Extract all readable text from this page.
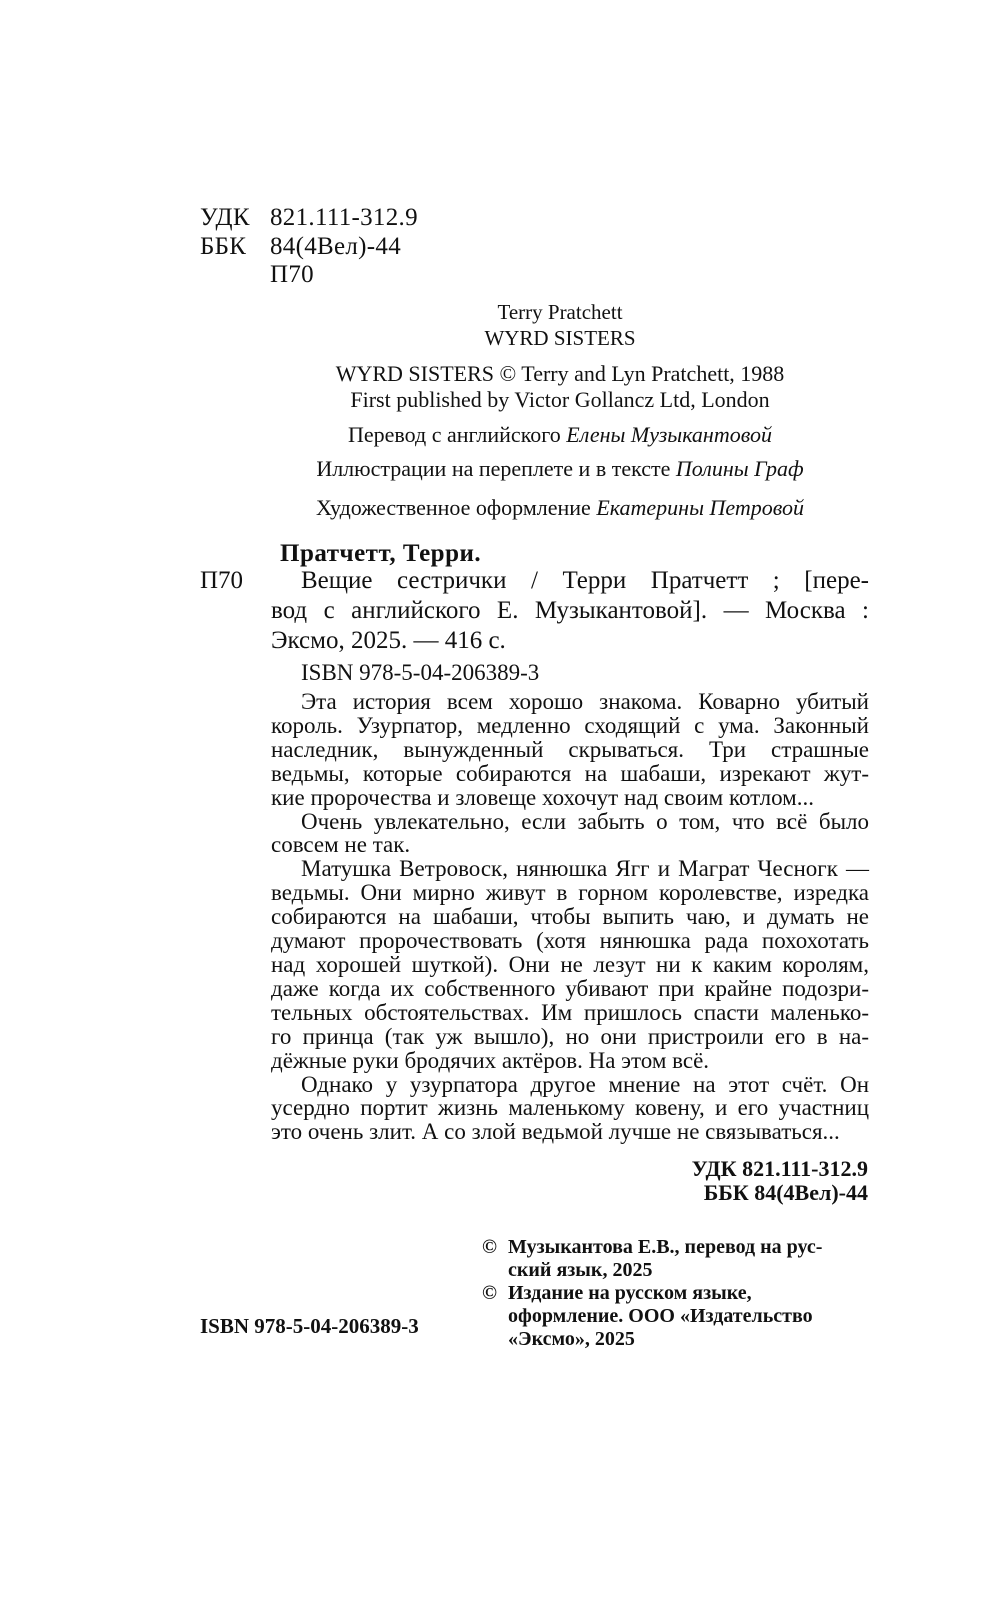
УДК 821.111-312.9
ББК 84(4Вел)-44
П70
Terry Pratchett
WYRD SISTERS
WYRD SISTERS © Terry and Lyn Pratchett, 1988
First published by Victor Gollancz Ltd, London
Перевод с английского Елены Музыкантовой
Иллюстрации на переплете и в тексте Полины Граф
Художественное оформление Екатерины Петровой
Пратчетт, Терри.
П70	Вещие сестрички / Терри Пратчетт ; [пере-
вод с английского Е. Музыкантовой]. — Москва :
Эксмо, 2025. — 416 с.
ISBN 978-5-04-206389-3
Эта история всем хорошо знакома. Коварно убитый
король. Узурпатор, медленно сходящий с ума. Законный
наследник, вынужденный скрываться. Три страшные
ведьмы, которые собираются на шабаши, изрекают жут-
кие пророчества и зловеще хохочут над своим котлом...
Очень увлекательно, если забыть о том, что всё было
совсем не так.
Матушка Ветровоск, нянюшка Ягг и Маграт Чесногк —
ведьмы. Они мирно живут в горном королевстве, изредка
собираются на шабаши, чтобы выпить чаю, и думать не
думают пророчествовать (хотя нянюшка рада похохотать
над хорошей шуткой). Они не лезут ни к каким королям,
даже когда их собственного убивают при крайне подозри-
тельных обстоятельствах. Им пришлось спасти маленько-
го принца (так уж вышло), но они пристроили его в на-
дёжные руки бродячих актёров. На этом всё.
Однако у узурпатора другое мнение на этот счёт. Он
усердно портит жизнь маленькому ковену, и его участниц
это очень злит. А со злой ведьмой лучше не связываться...
УДК 821.111-312.9
ББК 84(4Вел)-44
© Музыкантова Е.В., перевод на рус-
ский язык, 2025
© Издание на русском языке,
оформление. ООО «Издательство
«Эксмо», 2025
ISBN 978-5-04-206389-3
